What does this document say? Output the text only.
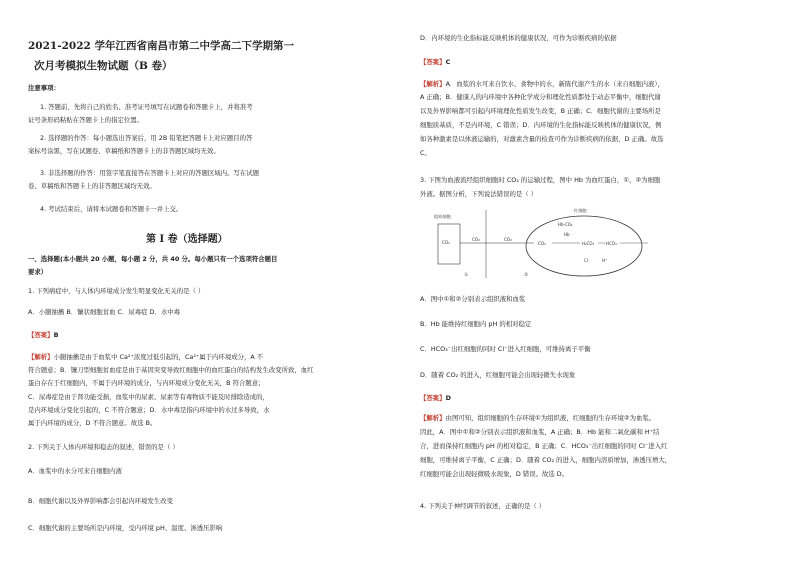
2021-2022 学年江西省南昌市第二中学高二下学期第一
次月考模拟生物试题（B 卷）
注意事项：
1. 答题前，先将自己的姓名、准考证号填写在试题卷和答题卡上，并将准考
证号条形码粘贴在答题卡上的指定位置。
2. 选择题的作答：每小题选出答案后，用 2B 铅笔把答题卡上对应题目的答
案标号涂黑，写在试题卷、草稿纸和答题卡上的非答题区域均无效。
3. 非选择题的作答：用签字笔直接答在答题卡上对应的答题区域内。写在试题
卷、草稿纸和答题卡上的非答题区域均无效。
4. 考试结束后，请将本试题卷和答题卡一并上交。
第 I 卷（选择题）
一、选择题(本小题共 20 小题，每小题 2 分，共 40 分。每小题只有一个选项符合题目
要求）
1. 下列病症中，与人体内环境成分发生明显变化无关的是（ ）
A．小腿抽搐 B．镰状细胞贫血 C．尿毒症 D．水中毒
【答案】B
【解析】小腿抽搐是由于血浆中 Ca²⁺浓度过低引起的，Ca²⁺属于内环境成分，A 不
符合题意；B．镰刀型细胞贫血症是由于基因突变导致红细胞中的血红蛋白的结构发生改变所致，血红
蛋白存在于红细胞内，不属于内环境的成分，与内环境成分变化无关，B 符合题意；
C．尿毒症是由于肾功能受损，血浆中的尿素、尿素等有毒物质不能及时排除造成的，
是内环境成分变化引起的，C 不符合题意；D．水中毒是指内环境中的水过多导致，水
属于内环境的成分，D 不符合题意。故选 B。
2. 下列关于人体内环境和稳态的叙述，错误的是（ ）
A．血浆中的水分可来自细胞内液
B．细胞代谢以及外界影响都会引起内环境发生改变
C．细胞代谢的主要场所是内环境，受内环境 pH、温度、渗透压影响
D．内环境的生化指标能反映机体的健康状况，可作为诊断疾病的依据
【答案】C
【解析】A．血浆的水可来自饮水、食物中的水，新陈代谢产生的水（来自细胞内液），
A 正确；B．健康人的内环境中各种化学成分和理化性质都处于动态平衡中，细胞代谢
以及外界影响都可引起内环境理化性质发生改变，B 正确；C．细胞代谢的主要场所是
细胞质基质，不是内环境，C 错误；D．内环境的生化指标能反映机体的健康状况，例
如各种激素是以体液运输的，对激素含量的检查可作为诊断疾病的依据，D 正确。故选
C。
3. 下图为血液流经组织细胞时 CO₂ 的运输过程，图中 Hb 为血红蛋白，①、②为细胞
外液。据图分析，下列说法错误的是（ ）
组织细胞
CO₂
CO₂	CO₂
红细胞
CO₂
Hb-CO₂
Hb
H₂CO₃	HCO₃⁻
Cl⁻	H⁺
①	②
A．图中①和②分别表示组织液和血浆
B．Hb 能维持红细胞内 pH 的相对稳定
C．HCO₃⁻出红细胞的同时 Cl⁻进入红细胞，可维持离子平衡
D．随着 CO₂ 的进入，红细胞可能会出现轻微失水现象
【答案】D
【解析】由图可知，组织细胞的生存环境①为组织液，红细胞的生存环境②为血浆。
因此，A．图中①和②分别表示组织液和血浆，A 正确；B．Hb 能和二氧化碳和 H⁺结
合，进而保持红细胞内 pH 的相对稳定，B 正确；C．HCO₃⁻出红细胞的同时 Cl⁻进入红
细胞，可维持离子平衡，C 正确；D．随着 CO₂ 的进入，细胞内溶质增加，渗透压增大，
红细胞可能会出现轻微吸水现象，D 错误。故选 D。
4. 下列关于神经调节的叙述，正确的是（ ）
